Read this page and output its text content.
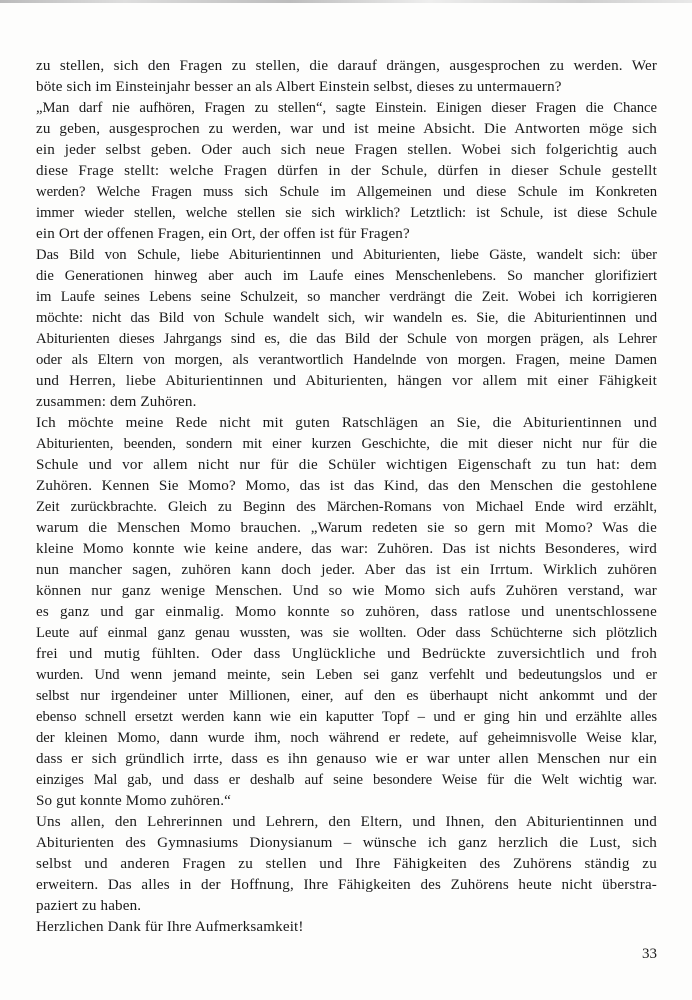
zu stellen, sich den Fragen zu stellen, die darauf drängen, ausgesprochen zu werden. Wer
böte sich im Einsteinjahr besser an als Albert Einstein selbst, dieses zu untermauern?

„Man darf nie aufhören, Fragen zu stellen“, sagte Einstein. Einigen dieser Fragen die Chance
zu geben, ausgesprochen zu werden, war und ist meine Absicht. Die Antworten möge sich
ein jeder selbst geben. Oder auch sich neue Fragen stellen. Wobei sich folgerichtig auch
diese Frage stellt: welche Fragen dürfen in der Schule, dürfen in dieser Schule gestellt
werden? Welche Fragen muss sich Schule im Allgemeinen und diese Schule im Konkreten
immer wieder stellen, welche stellen sie sich wirklich? Letztlich: ist Schule, ist diese Schule
ein Ort der offenen Fragen, ein Ort, der offen ist für Fragen?

Das Bild von Schule, liebe Abiturientinnen und Abiturienten, liebe Gäste, wandelt sich: über
die Generationen hinweg aber auch im Laufe eines Menschenlebens. So mancher glorifiziert
im Laufe seines Lebens seine Schulzeit, so mancher verdrängt die Zeit. Wobei ich korrigieren
möchte: nicht das Bild von Schule wandelt sich, wir wandeln es. Sie, die Abiturientinnen und
Abiturienten dieses Jahrgangs sind es, die das Bild der Schule von morgen prägen, als Lehrer
oder als Eltern von morgen, als verantwortlich Handelnde von morgen. Fragen, meine Damen
und Herren, liebe Abiturientinnen und Abiturienten, hängen vor allem mit einer Fähigkeit
zusammen: dem Zuhören.

Ich möchte meine Rede nicht mit guten Ratschlägen an Sie, die Abiturientinnen und
Abiturienten, beenden, sondern mit einer kurzen Geschichte, die mit dieser nicht nur für die
Schule und vor allem nicht nur für die Schüler wichtigen Eigenschaft zu tun hat: dem
Zuhören. Kennen Sie Momo? Momo, das ist das Kind, das den Menschen die gestohlene
Zeit zurückbrachte. Gleich zu Beginn des Märchen-Romans von Michael Ende wird erzählt,
warum die Menschen Momo brauchen. „Warum redeten sie so gern mit Momo? Was die
kleine Momo konnte wie keine andere, das war: Zuhören. Das ist nichts Besonderes, wird
nun mancher sagen, zuhören kann doch jeder. Aber das ist ein Irrtum. Wirklich zuhören
können nur ganz wenige Menschen. Und so wie Momo sich aufs Zuhören verstand, war
es ganz und gar einmalig. Momo konnte so zuhören, dass ratlose und unentschlossene
Leute auf einmal ganz genau wussten, was sie wollten. Oder dass Schüchterne sich plötzlich
frei und mutig fühlten. Oder dass Unglückliche und Bedrückte zuversichtlich und froh
wurden. Und wenn jemand meinte, sein Leben sei ganz verfehlt und bedeutungslos und er
selbst nur irgendeiner unter Millionen, einer, auf den es überhaupt nicht ankommt und der
ebenso schnell ersetzt werden kann wie ein kaputter Topf – und er ging hin und erzählte alles
der kleinen Momo, dann wurde ihm, noch während er redete, auf geheimnisvolle Weise klar,
dass er sich gründlich irrte, dass es ihn genauso wie er war unter allen Menschen nur ein
einziges Mal gab, und dass er deshalb auf seine besondere Weise für die Welt wichtig war.
So gut konnte Momo zuhören.“

Uns allen, den Lehrerinnen und Lehrern, den Eltern, und Ihnen, den Abiturientinnen und
Abiturienten des Gymnasiums Dionysianum – wünsche ich ganz herzlich die Lust, sich
selbst und anderen Fragen zu stellen und Ihre Fähigkeiten des Zuhörens ständig zu
erweitern. Das alles in der Hoffnung, Ihre Fähigkeiten des Zuhörens heute nicht überstra-
paziert zu haben.

Herzlichen Dank für Ihre Aufmerksamkeit!

33
